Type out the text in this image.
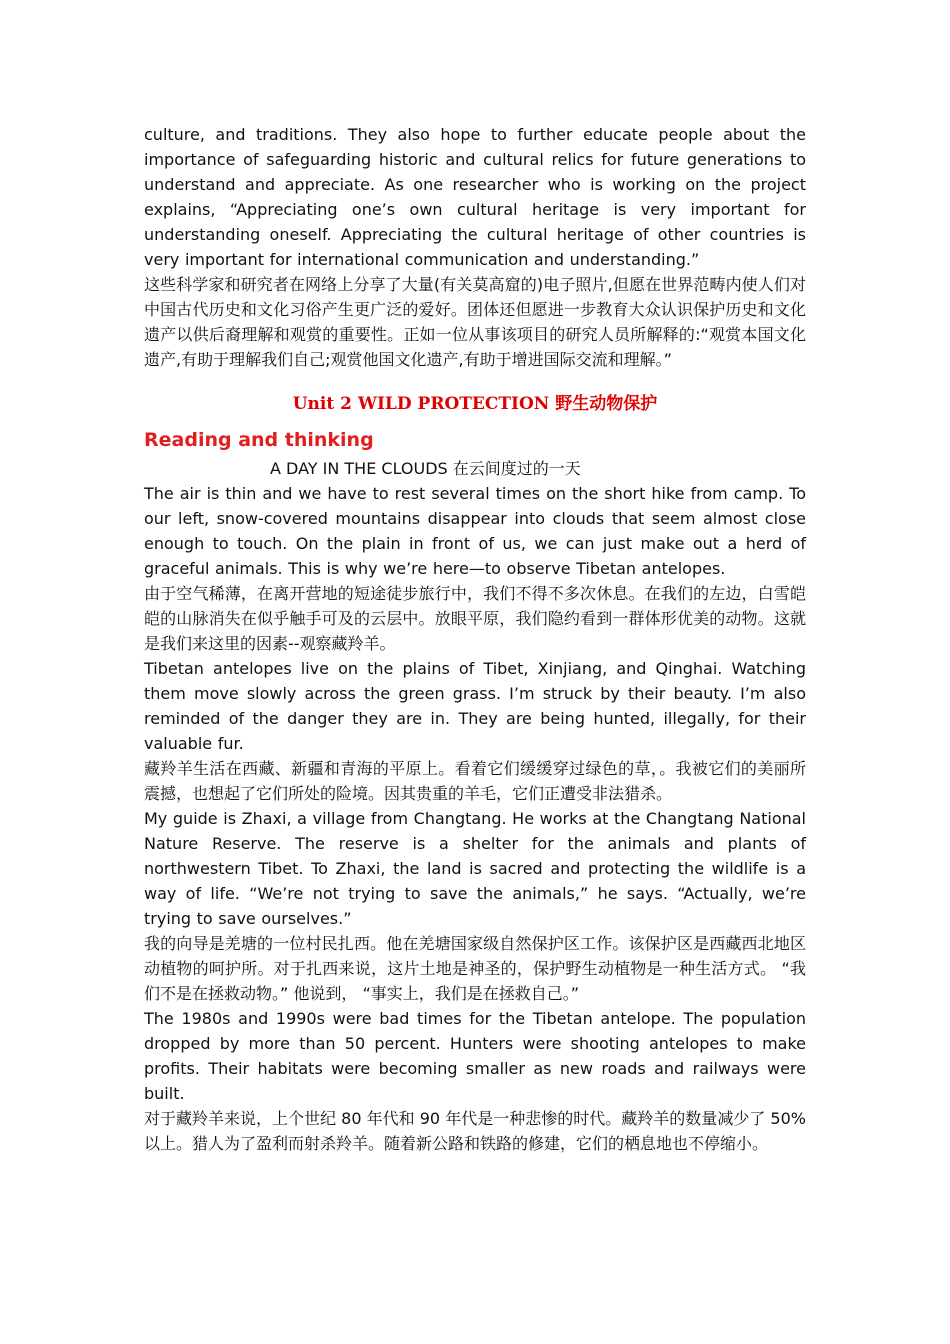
culture, and traditions. They also hope to further educate people about the importance of safeguarding historic and cultural relics for future generations to understand and appreciate. As one researcher who is working on the project explains, “Appreciating one’s own cultural heritage is very important for understanding oneself. Appreciating the cultural heritage of other countries is very important for international communication and understanding.”

这些科学家和研究者在网络上分享了大量(有关莫高窟的)电子照片,但愿在世界范畴内使人们对中国古代历史和文化习俗产生更广泛的爱好。团体还但愿进一步教育大众认识保护历史和文化遗产以供后裔理解和观赏的重要性。正如一位从事该项目的研究人员所解释的:“观赏本国文化遗产,有助于理解我们自己;观赏他国文化遗产,有助于增进国际交流和理解。”

Unit 2 WILD PROTECTION 野生动物保护
Reading and thinking

A DAY IN THE CLOUDS 在云间度过的一天

The air is thin and we have to rest several times on the short hike from camp. To our left, snow-covered mountains disappear into clouds that seem almost close enough to touch. On the plain in front of us, we can just make out a herd of graceful animals. This is why we’re here—to observe Tibetan antelopes.

由于空气稀薄，在离开营地的短途徒步旅行中，我们不得不多次休息。在我们的左边，白雪皑皑的山脉消失在似乎触手可及的云层中。放眼平原，我们隐约看到一群体形优美的动物。这就是我们来这里的因素--观察藏羚羊。

Tibetan antelopes live on the plains of Tibet, Xinjiang, and Qinghai. Watching them move slowly across the green grass. I’m struck by their beauty. I’m also reminded of the danger they are in. They are being hunted, illegally, for their valuable fur.

藏羚羊生活在西藏、新疆和青海的平原上。看着它们缓缓穿过绿色的草，。我被它们的美丽所震撼，也想起了它们所处的险境。因其贵重的羊毛，它们正遭受非法猎杀。

My guide is Zhaxi, a village from Changtang. He works at the Changtang National Nature Reserve. The reserve is a shelter for the animals and plants of northwestern Tibet. To Zhaxi, the land is sacred and protecting the wildlife is a way of life. “We’re not trying to save the animals,” he says. “Actually, we’re trying to save ourselves.”

我的向导是羌塘的一位村民扎西。他在羌塘国家级自然保护区工作。该保护区是西藏西北地区动植物的呵护所。对于扎西来说，这片土地是神圣的，保护野生动植物是一种生活方式。 “我们不是在拯救动物。” 他说到， “事实上，我们是在拯救自己。”

The 1980s and 1990s were bad times for the Tibetan antelope. The population dropped by more than 50 percent. Hunters were shooting antelopes to make profits. Their habitats were becoming smaller as new roads and railways were built.

对于藏羚羊来说，上个世纪 80 年代和 90 年代是一种悲惨的时代。藏羚羊的数量减少了 50%以上。猎人为了盈利而射杀羚羊。随着新公路和铁路的修建，它们的栖息地也不停缩小。
